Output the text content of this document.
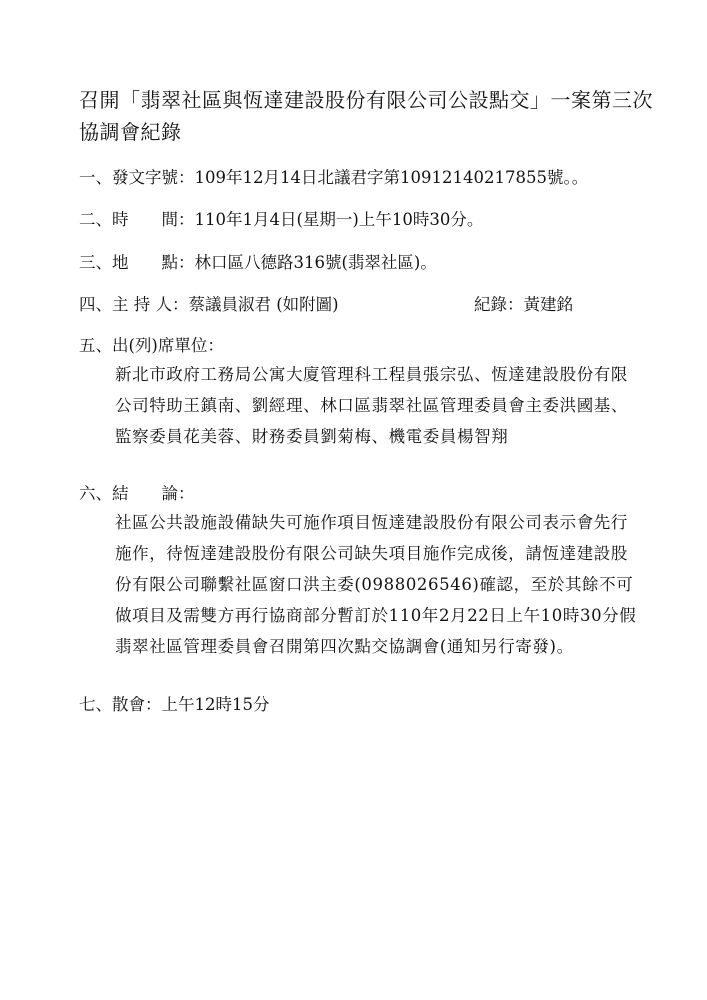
召開「翡翠社區與恆達建設股份有限公司公設點交」一案第三次協調會紀錄
一、發文字號：109年12月14日北議君字第10912140217855號。。
二、時　　間：110年1月4日(星期一)上午10時30分。
三、地　　點：林口區八德路316號(翡翠社區)。
四、主 持 人：蔡議員淑君 (如附圖)	紀錄：黃建銘
五、出(列)席單位：
新北市政府工務局公寓大廈管理科工程員張宗弘、恆達建設股份有限公司特助王鎮南、劉經理、林口區翡翠社區管理委員會主委洪國基、監察委員花美蓉、財務委員劉菊梅、機電委員楊智翔
六、結　　論：
社區公共設施設備缺失可施作項目恆達建設股份有限公司表示會先行施作，待恆達建設股份有限公司缺失項目施作完成後，請恆達建設股份有限公司聯繫社區窗口洪主委(0988026546)確認，至於其餘不可做項目及需雙方再行協商部分暫訂於110年2月22日上午10時30分假翡翠社區管理委員會召開第四次點交協調會(通知另行寄發)。
七、散會：上午12時15分
